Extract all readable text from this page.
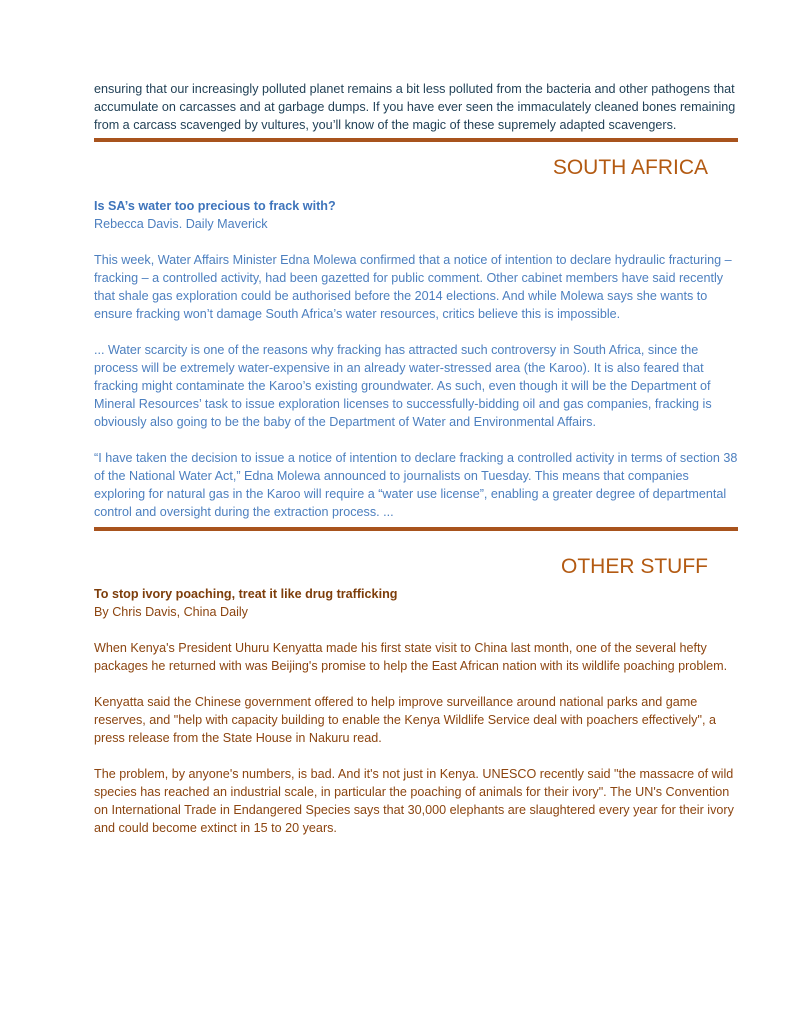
ensuring that our increasingly polluted planet remains a bit less polluted from the bacteria and other pathogens that accumulate on carcasses and at garbage dumps. If you have ever seen the immaculately cleaned bones remaining from a carcass scavenged by vultures, you’ll know of the magic of these supremely adapted scavengers.

SOUTH AFRICA

Is SA’s water too precious to frack with?

Rebecca Davis. Daily Maverick

This week, Water Affairs Minister Edna Molewa confirmed that a notice of intention to declare hydraulic fracturing – fracking – a controlled activity, had been gazetted for public comment. Other cabinet members have said recently that shale gas exploration could be authorised before the 2014 elections. And while Molewa says she wants to ensure fracking won’t damage South Africa’s water resources, critics believe this is impossible.

... Water scarcity is one of the reasons why fracking has attracted such controversy in South Africa, since the process will be extremely water-expensive in an already water-stressed area (the Karoo). It is also feared that fracking might contaminate the Karoo’s existing groundwater. As such, even though it will be the Department of Mineral Resources’ task to issue exploration licenses to successfully-bidding oil and gas companies, fracking is obviously also going to be the baby of the Department of Water and Environmental Affairs.

“I have taken the decision to issue a notice of intention to declare fracking a controlled activity in terms of section 38 of the National Water Act,” Edna Molewa announced to journalists on Tuesday. This means that companies exploring for natural gas in the Karoo will require a “water use license”, enabling a greater degree of departmental control and oversight during the extraction process. ...

OTHER STUFF

To stop ivory poaching, treat it like drug trafficking

By Chris Davis, China Daily

When Kenya's President Uhuru Kenyatta made his first state visit to China last month, one of the several hefty packages he returned with was Beijing's promise to help the East African nation with its wildlife poaching problem.

Kenyatta said the Chinese government offered to help improve surveillance around national parks and game reserves, and "help with capacity building to enable the Kenya Wildlife Service deal with poachers effectively", a press release from the State House in Nakuru read.

The problem, by anyone's numbers, is bad. And it's not just in Kenya. UNESCO recently said "the massacre of wild species has reached an industrial scale, in particular the poaching of animals for their ivory". The UN's Convention on International Trade in Endangered Species says that 30,000 elephants are slaughtered every year for their ivory and could become extinct in 15 to 20 years.
